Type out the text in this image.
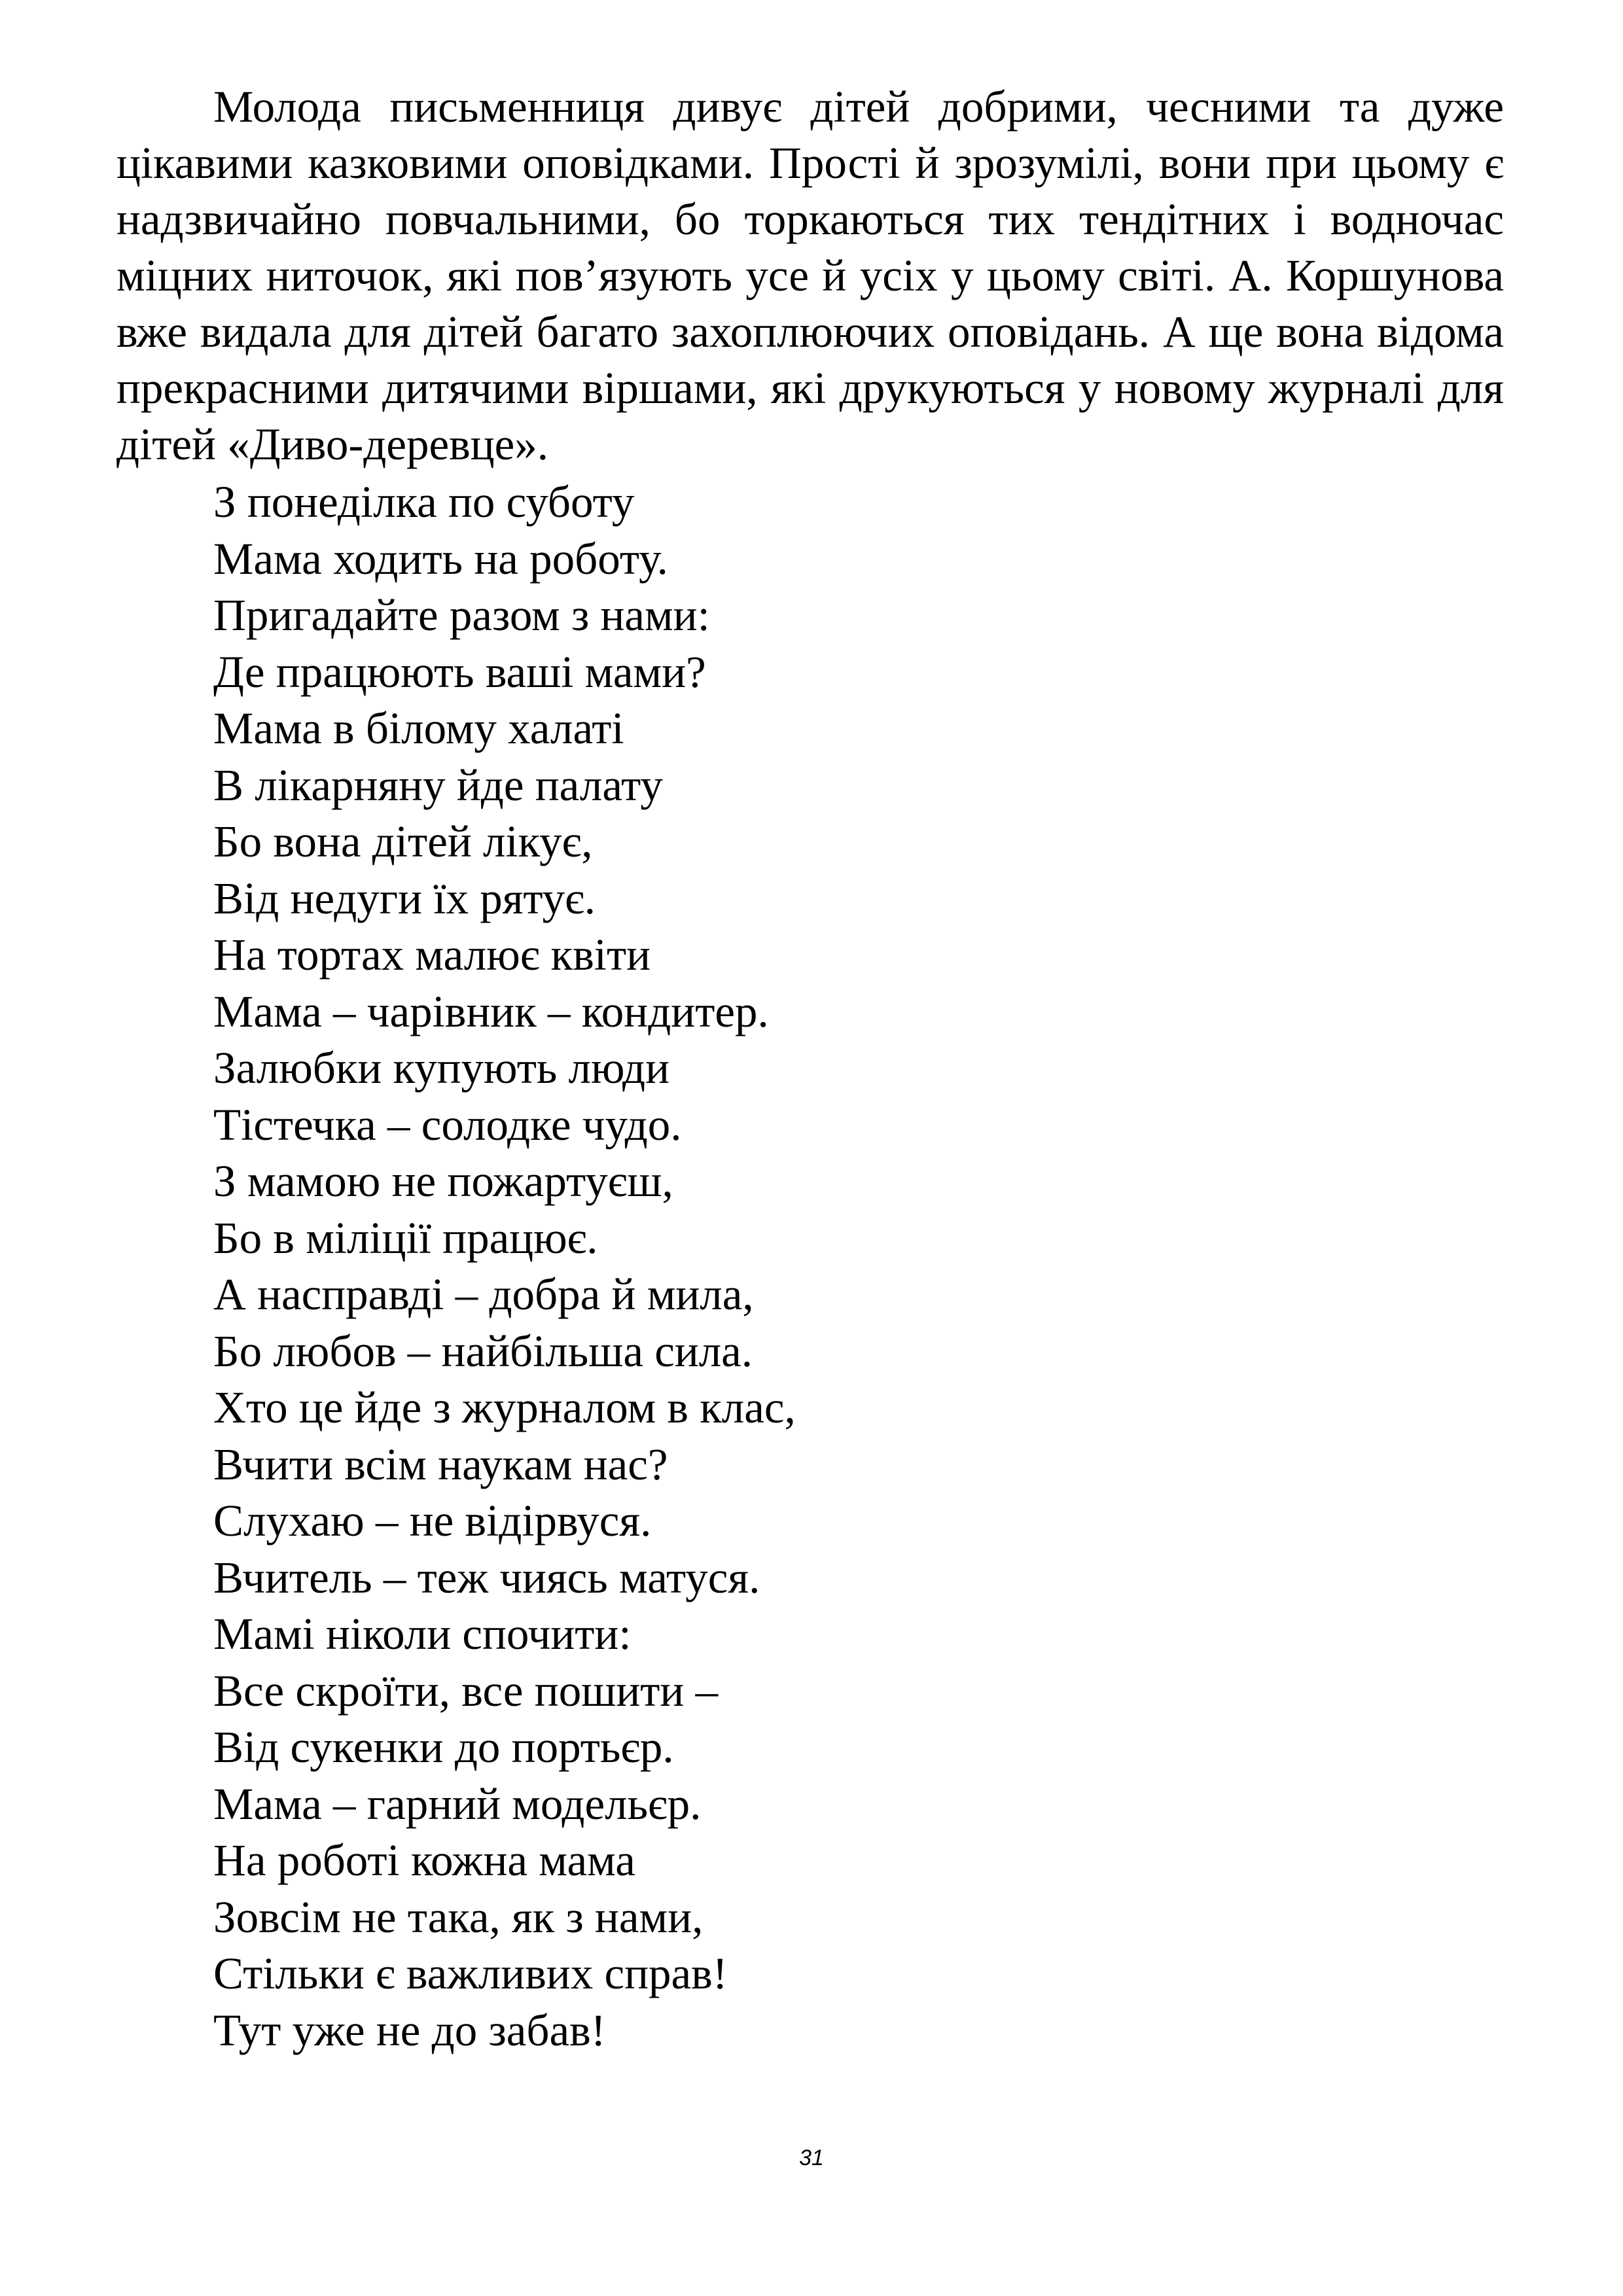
Молода письменниця дивує дітей добрими, чесними та дуже цікавими казковими оповідками. Прості й зрозумілі, вони при цьому є надзвичайно повчальними, бо торкаються тих тендітних і водночас міцних ниточок, які пов’язують усе й усіх у цьому світі. А. Коршунова вже видала для дітей багато захоплюючих оповідань. А ще вона відома прекрасними дитячими віршами, які друкуються у новому журналі для дітей «Диво-деревце».

З понеділка по суботу
Мама ходить на роботу.
Пригадайте разом з нами:
Де працюють ваші мами?
Мама в білому халаті
В лікарняну йде палату
Бо вона дітей лікує,
Від недуги їх рятує.
На тортах малює квіти
Мама – чарівник – кондитер.
Залюбки купують люди
Тістечка – солодке чудо.
З мамою не пожартуєш,
Бо в міліції працює.
А насправді – добра й мила,
Бо любов – найбільша сила.
Хто це йде з журналом в клас,
Вчити всім наукам нас?
Слухаю – не відірвуся.
Вчитель – теж чиясь матуся.
Мамі ніколи спочити:
Все скроїти, все пошити –
Від сукенки до портьєр.
Мама – гарний модельєр.
На роботі кожна мама
Зовсім не така, як з нами,
Стільки є важливих справ!
Тут уже не до забав!
31
